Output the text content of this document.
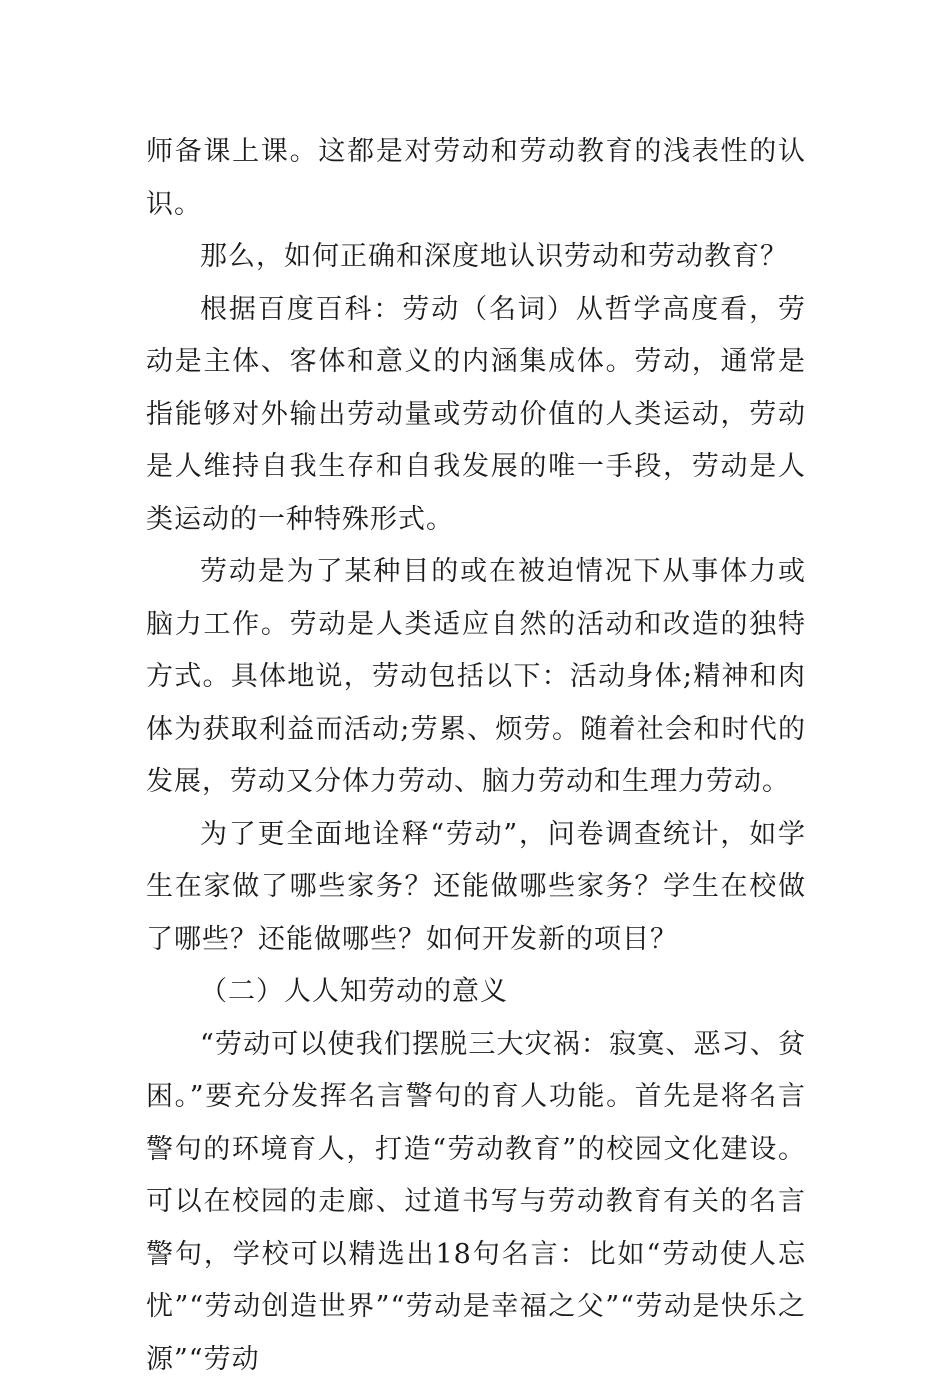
师备课上课。这都是对劳动和劳动教育的浅表性的认识。

那么，如何正确和深度地认识劳动和劳动教育？

根据百度百科：劳动（名词）从哲学高度看，劳动是主体、客体和意义的内涵集成体。劳动，通常是指能够对外输出劳动量或劳动价值的人类运动，劳动是人维持自我生存和自我发展的唯一手段，劳动是人类运动的一种特殊形式。

劳动是为了某种目的或在被迫情况下从事体力或脑力工作。劳动是人类适应自然的活动和改造的独特方式。具体地说，劳动包括以下：活动身体;精神和肉体为获取利益而活动;劳累、烦劳。随着社会和时代的发展，劳动又分体力劳动、脑力劳动和生理力劳动。

为了更全面地诠释“劳动”，问卷调查统计，如学生在家做了哪些家务？还能做哪些家务？学生在校做了哪些？还能做哪些？如何开发新的项目？

（二）人人知劳动的意义

“劳动可以使我们摆脱三大灾祸：寂寞、恶习、贫困。”要充分发挥名言警句的育人功能。首先是将名言警句的环境育人，打造“劳动教育”的校园文化建设。可以在校园的走廊、过道书写与劳动教育有关的名言警句，学校可以精选出18句名言：比如“劳动使人忘忧”“劳动创造世界”“劳动是幸福之父”“劳动是快乐之源”“劳动
